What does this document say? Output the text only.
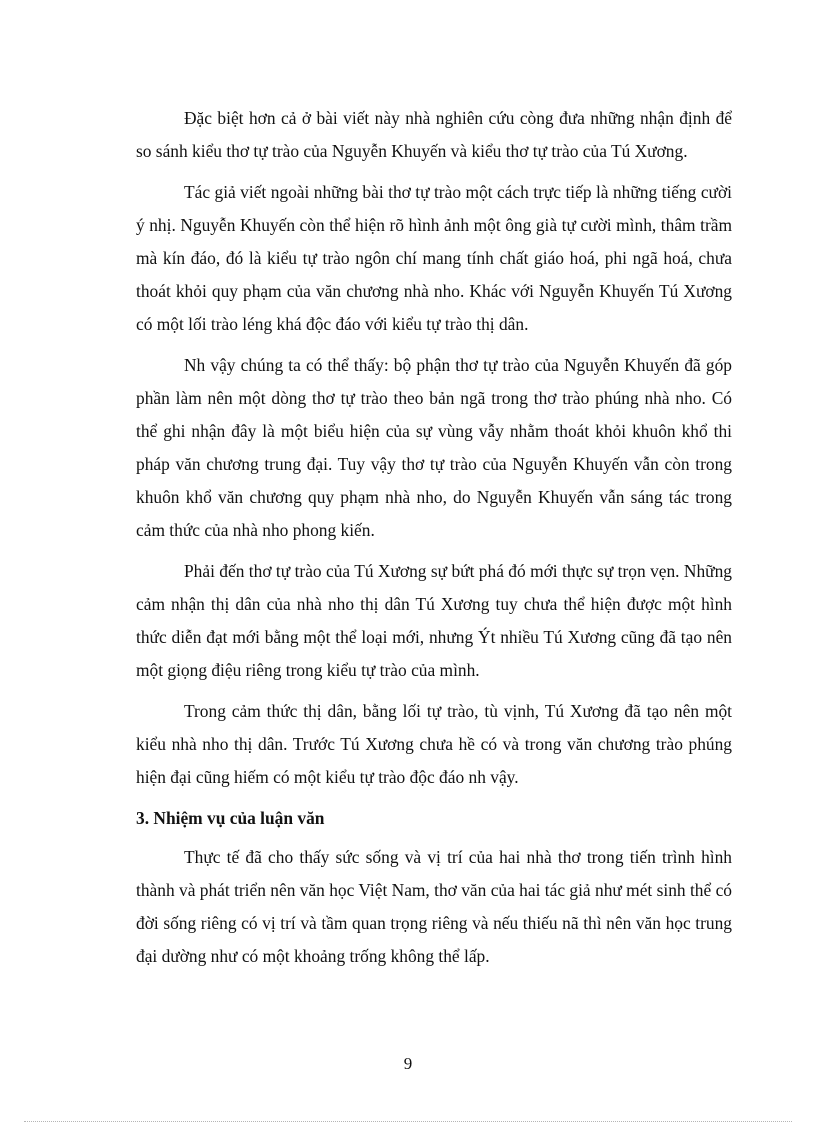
Đặc biệt hơn cả ở bài viết này nhà nghiên cứu còng đưa những nhận định để so sánh kiểu thơ tự trào của Nguyễn Khuyến và kiểu thơ tự trào của Tú Xương.

Tác giả viết ngoài những bài thơ tự trào một cách trực tiếp là những tiếng cười ý nhị. Nguyễn Khuyến còn thể hiện rõ hình ảnh một ông già tự cười mình, thâm trầm mà kín đáo, đó là kiểu tự trào ngôn chí mang tính chất giáo hoá, phi ngã hoá, chưa thoát khỏi quy phạm của văn chương nhà nho. Khác với Nguyễn Khuyến Tú Xương có một lối trào léng khá độc đáo với kiểu tự trào thị dân.

Nh vậy chúng ta có thể thấy: bộ phận thơ tự trào của Nguyễn Khuyến đã góp phần làm nên một dòng thơ tự trào theo bản ngã trong thơ trào phúng nhà nho. Có thể ghi nhận đây là một biểu hiện của sự vùng vẫy nhằm thoát khỏi khuôn khổ thi pháp văn chương trung đại. Tuy vậy thơ tự trào của Nguyễn Khuyến vẫn còn trong khuôn khổ văn chương quy phạm nhà nho, do Nguyễn Khuyến vẫn sáng tác trong cảm thức của nhà nho phong kiến.

Phải đến thơ tự trào của Tú Xương sự bứt phá đó mới thực sự trọn vẹn. Những cảm nhận thị dân của nhà nho thị dân Tú Xương tuy chưa thể hiện được một hình thức diễn đạt mới bằng một thể loại mới, nhưng Ýt nhiều Tú Xương cũng đã tạo nên một giọng điệu riêng trong kiểu tự trào của mình.

Trong cảm thức thị dân, bằng lối tự trào, tù vịnh, Tú Xương đã tạo nên một kiểu nhà nho thị dân. Trước Tú Xương chưa hề có và trong văn chương trào phúng hiện đại cũng hiếm có một kiểu tự trào độc đáo nh vậy.

3. Nhiệm vụ của luận văn

Thực tế đã cho thấy sức sống và vị trí của hai nhà thơ trong tiến trình hình thành và phát triển nên văn học Việt Nam, thơ văn của hai tác giả như mét sinh thể có đời sống riêng có vị trí và tầm quan trọng riêng và nếu thiếu nã thì nên văn học trung đại dường như có một khoảng trống không thể lấp.

9
